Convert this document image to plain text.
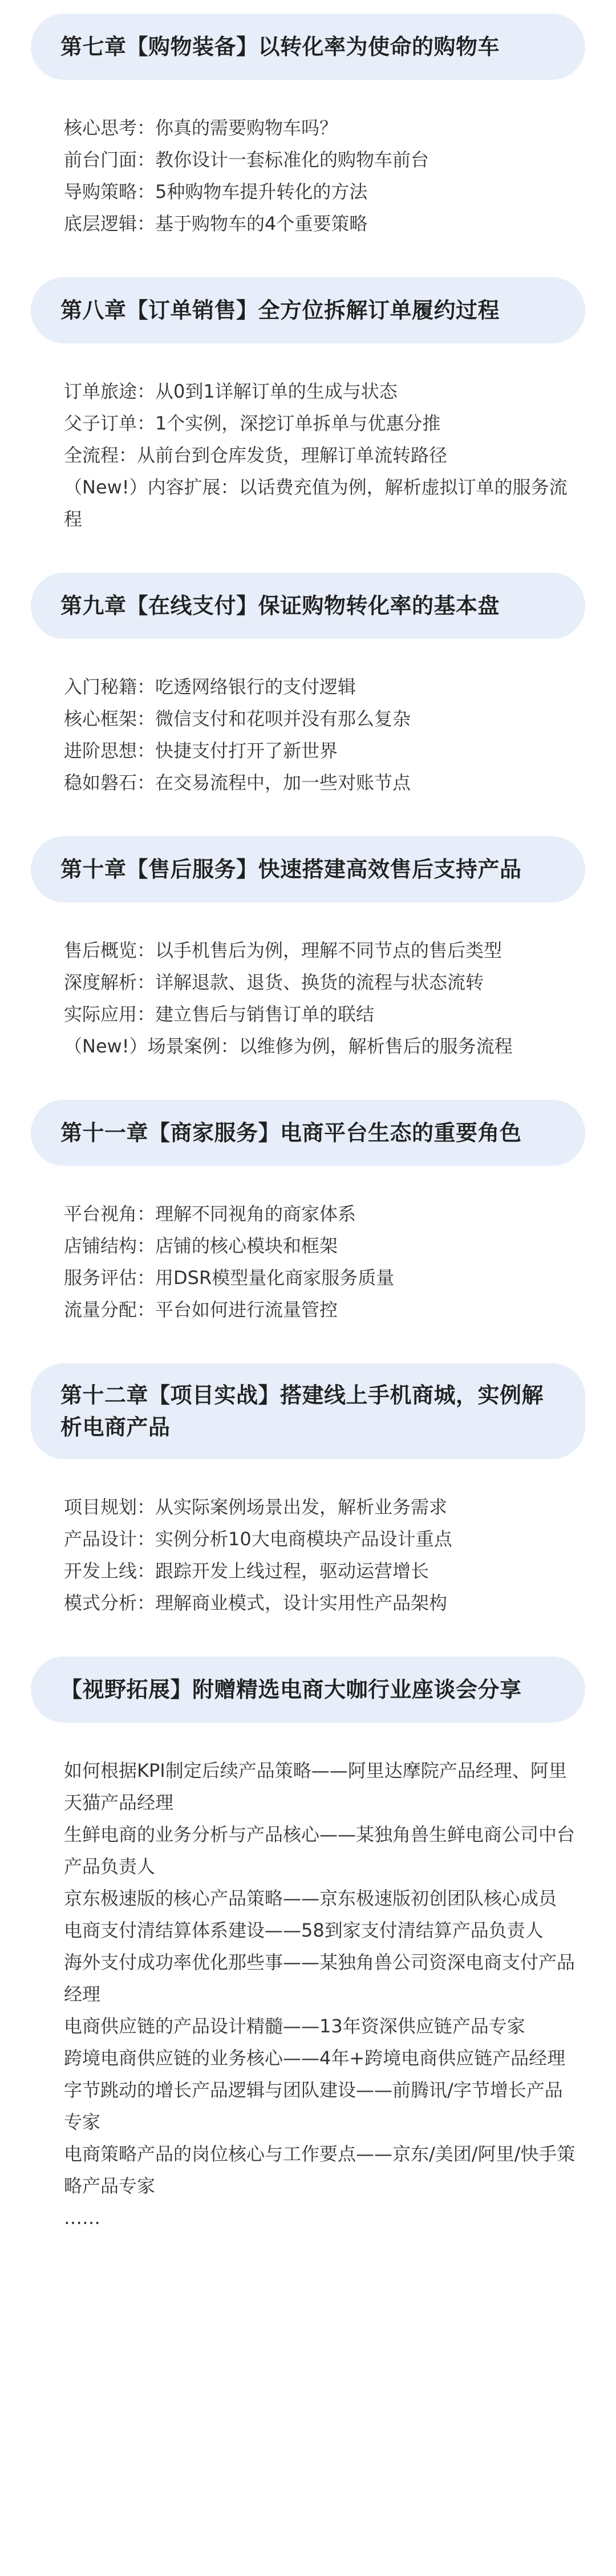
第七章【购物装备】以转化率为使命的购物车
核心思考：你真的需要购物车吗？
前台门面：教你设计一套标准化的购物车前台
导购策略：5种购物车提升转化的方法
底层逻辑：基于购物车的4个重要策略
第八章【订单销售】全方位拆解订单履约过程
订单旅途：从0到1详解订单的生成与状态
父子订单：1个实例，深挖订单拆单与优惠分推
全流程：从前台到仓库发货，理解订单流转路径
（New!）内容扩展：以话费充值为例，解析虚拟订单的服务流程
第九章【在线支付】保证购物转化率的基本盘
入门秘籍：吃透网络银行的支付逻辑
核心框架：微信支付和花呗并没有那么复杂
进阶思想：快捷支付打开了新世界
稳如磐石：在交易流程中，加一些对账节点
第十章【售后服务】快速搭建高效售后支持产品
售后概览：以手机售后为例，理解不同节点的售后类型
深度解析：详解退款、退货、换货的流程与状态流转
实际应用：建立售后与销售订单的联结
（New!）场景案例：以维修为例，解析售后的服务流程
第十一章【商家服务】电商平台生态的重要角色
平台视角：理解不同视角的商家体系
店铺结构：店铺的核心模块和框架
服务评估：用DSR模型量化商家服务质量
流量分配：平台如何进行流量管控
第十二章【项目实战】搭建线上手机商城，实例解析电商产品
项目规划：从实际案例场景出发，解析业务需求
产品设计：实例分析10大电商模块产品设计重点
开发上线：跟踪开发上线过程，驱动运营增长
模式分析：理解商业模式，设计实用性产品架构
【视野拓展】附赠精选电商大咖行业座谈会分享
如何根据KPI制定后续产品策略——阿里达摩院产品经理、阿里天猫产品经理
生鲜电商的业务分析与产品核心——某独角兽生鲜电商公司中台产品负责人
京东极速版的核心产品策略——京东极速版初创团队核心成员
电商支付清结算体系建设——58到家支付清结算产品负责人
海外支付成功率优化那些事——某独角兽公司资深电商支付产品经理
电商供应链的产品设计精髓——13年资深供应链产品专家
跨境电商供应链的业务核心——4年+跨境电商供应链产品经理
字节跳动的增长产品逻辑与团队建设——前腾讯/字节增长产品专家
电商策略产品的岗位核心与工作要点——京东/美团/阿里/快手策略产品专家
……
